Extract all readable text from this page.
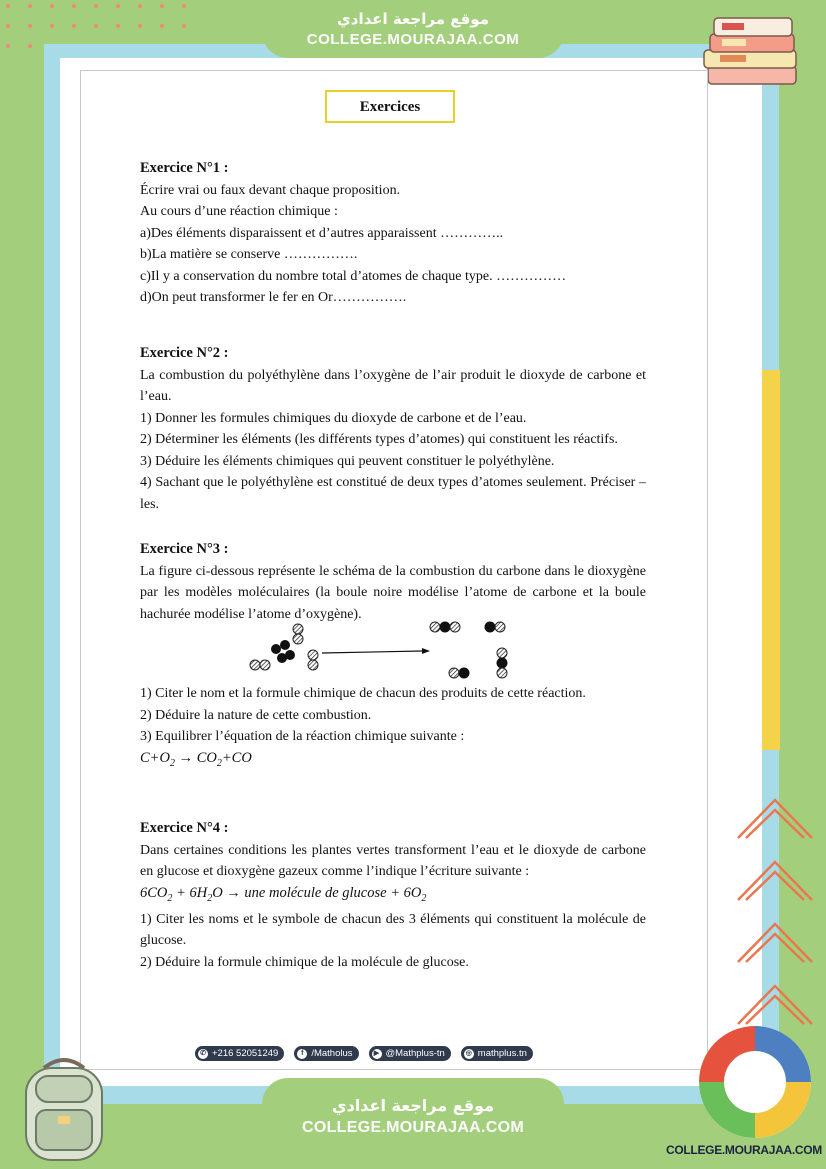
موقع مراجعة اعدادي
COLLEGE.MOURAJAA.COM
Exercices
Exercice N°1 :
Écrire vrai ou faux devant chaque proposition.
Au cours d’une réaction chimique :
a)Des éléments disparaissent et d’autres apparaissent …………..
b)La matière se conserve …………….
c)Il y a conservation du nombre total d’atomes de chaque type. ……………
d)On peut transformer le fer en Or…………….
Exercice N°2 :

La combustion du polyéthylène dans l’oxygène de l’air produit le dioxyde de carbone et l’eau.

1) Donner les formules chimiques du dioxyde de carbone et de l’eau.
2) Déterminer les éléments (les différents types d’atomes) qui constituent les réactifs.
3) Déduire les éléments chimiques qui peuvent constituer le polyéthylène.

4) Sachant que le polyéthylène est constitué de deux types d’atomes seulement. Préciser –les.

Exercice N°3 :

La figure ci-dessous représente le schéma de la combustion du carbone dans le dioxygène par les modèles moléculaires (la boule noire modélise l’atome de carbone et la boule hachurée modélise l’atome d’oxygène).

1) Citer le nom et la formule chimique de chacun des produits de cette réaction.
2) Déduire la nature de cette combustion.
3) Equilibrer l’équation de la réaction chimique suivante :
$C+O_2 \to CO_2+CO$
Exercice N°4 :

Dans certaines conditions les plantes vertes transforment l’eau et le dioxyde de carbone en glucose et dioxygène gazeux comme l’indique l’écriture suivante :

$6CO_2 + 6H_2O$ → une molécule de $glucose + 6O_2$

1) Citer les noms et le symbole de chacun des 3 éléments qui constituent la molécule de glucose.

2) Déduire la formule chimique de la molécule de glucose.
✆ +216 52051249	f /Matholus	▶ @Mathplus-tn	◎ mathplus.tn
موقع مراجعة اعدادي
COLLEGE.MOURAJAA.COM
COLLEGE.MOURAJAA.COM
